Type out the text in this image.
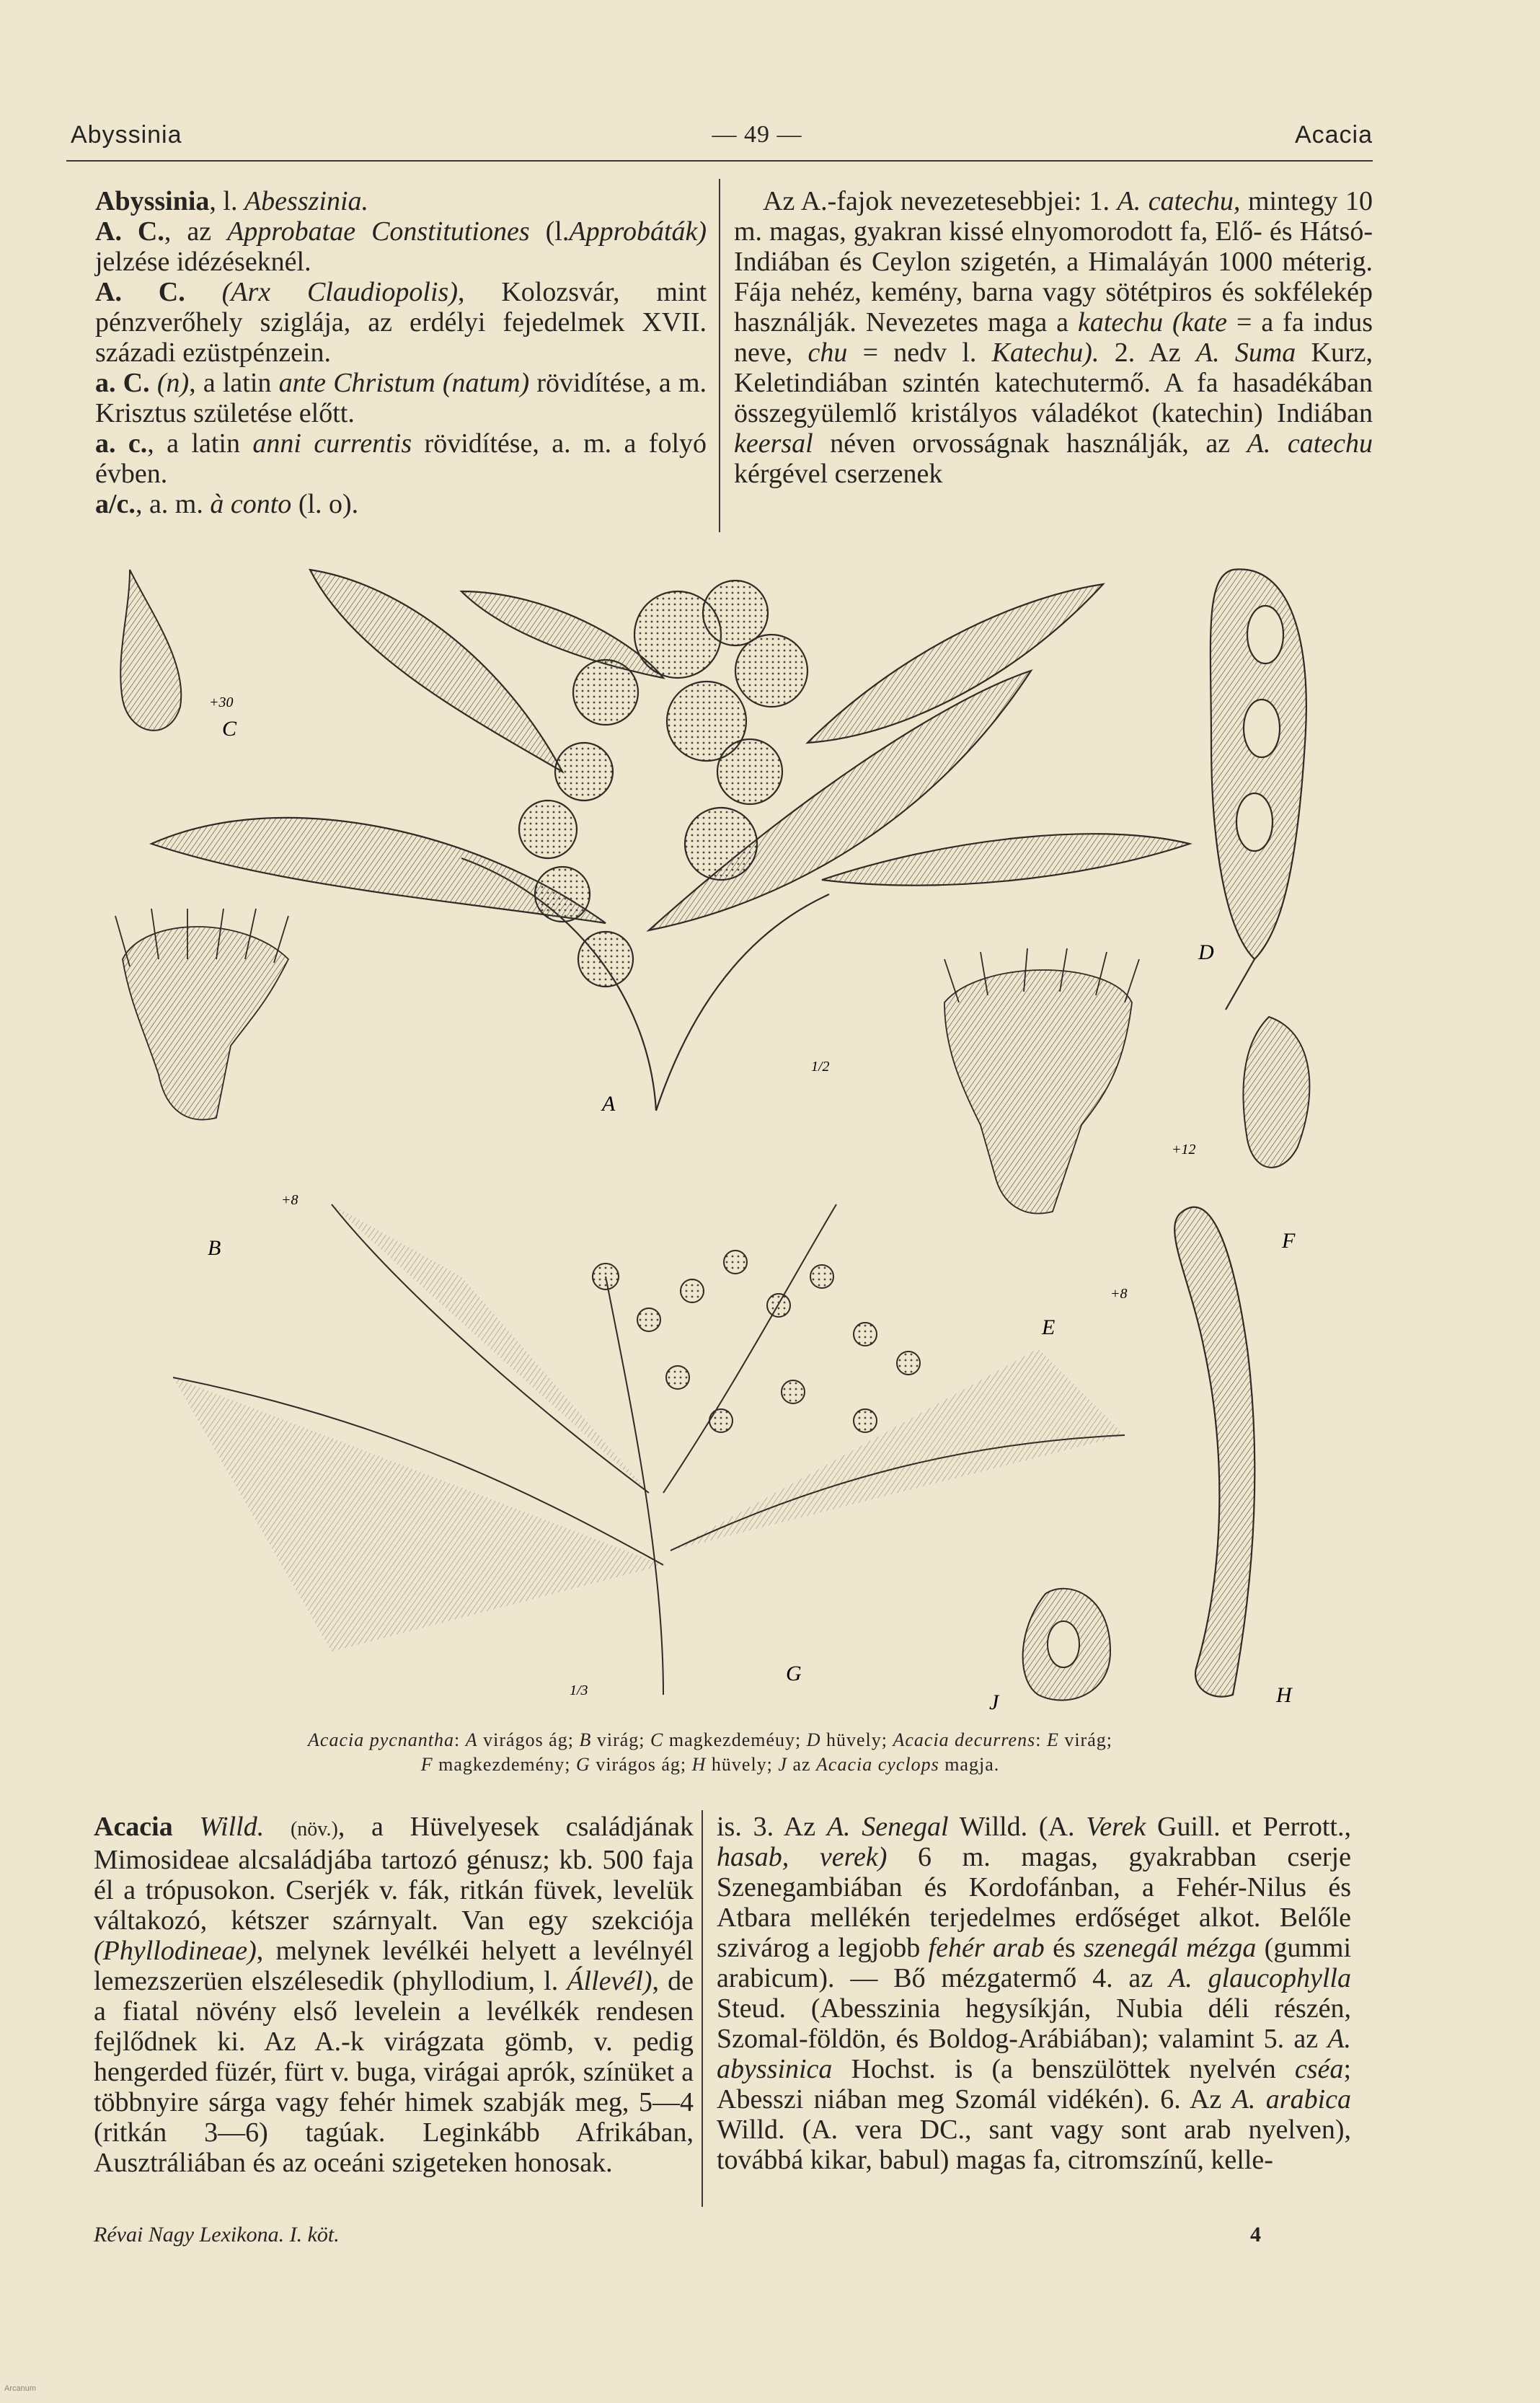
Abyssinia	— 49 —	Acacia

Abyssinia, l. Abesszinia.

A. C., az Approbatae Constitutiones (l.Approbáták) jelzése idézéseknél.

A. C. (Arx Claudiopolis), Kolozsvár, mint pénzverőhely sziglája, az erdélyi fejedelmek XVII. századi ezüstpénzein.

a. C. (n), a latin ante Christum (natum) rövidítése, a m. Krisztus születése előtt.

a. c., a latin anni currentis rövidítése, a. m. a folyó évben.

a/c., a. m. à conto (l. o).

Az A.-fajok nevezetesebbjei: 1. A. catechu, mintegy 10 m. magas, gyakran kissé elnyomorodott fa, Elő- és Hátsó-Indiában és Ceylon szigetén, a Himaláyán 1000 méterig. Fája nehéz, kemény, barna vagy sötétpiros és sokfélekép használják. Nevezetes maga a katechu (kate = a fa indus neve, chu = nedv l. Katechu). 2. Az A. Suma Kurz, Keletindiában szintén katechutermő. A fa hasadékában összegyülemlő kristályos váladékot (katechin) Indiában keersal néven orvosságnak használják, az A. catechu kérgével cserzenek

A
B
C
D
E
F
G
H
J
+30
1/2
+8
+8
+12
1/3
Acacia pycnantha: A virágos ág; B virág; C magkezdeméuy; D hüvely; Acacia decurrens: E virág;
F magkezdemény; G virágos ág; H hüvely; J az Acacia cyclops magja.

Acacia Willd. (növ.), a Hüvelyesek családjának Mimosideae alcsaládjába tartozó génusz; kb. 500 faja él a trópusokon. Cserjék v. fák, ritkán füvek, levelük váltakozó, kétszer szárnyalt. Van egy szekciója (Phyllodineae), melynek levélkéi helyett a levélnyél lemezszerüen elszélesedik (phyllodium, l. Állevél), de a fiatal növény első levelein a levélkék rendesen fejlődnek ki. Az A.-k virágzata gömb, v. pedig hengerded füzér, fürt v. buga, virágai aprók, színüket a többnyire sárga vagy fehér himek szabják meg, 5—4 (ritkán 3—6) tagúak. Leginkább Afrikában, Ausztráliában és az oceáni szigeteken honosak.

is. 3. Az A. Senegal Willd. (A. Verek Guill. et Perrott., hasab, verek) 6 m. magas, gyakrabban cserje Szenegambiában és Kordofánban, a Fehér-Nilus és Atbara mellékén terjedelmes erdőséget alkot. Belőle szivárog a legjobb fehér arab és szenegál mézga (gummi arabicum). — Bő mézgatermő 4. az A. glaucophylla Steud. (Abesszinia hegysíkján, Nubia déli részén, Szomal-földön, és Boldog-Arábiában); valamint 5. az A. abyssinica Hochst. is (a benszülöttek nyelvén cséa; Abesszi niában meg Szomál vidékén). 6. Az A. arabica Willd. (A. vera DC., sant vagy sont arab nyelven), továbbá kikar, babul) magas fa, citromszínű, kelle-

Révai Nagy Lexikona. I. köt.	4
Arcanum
